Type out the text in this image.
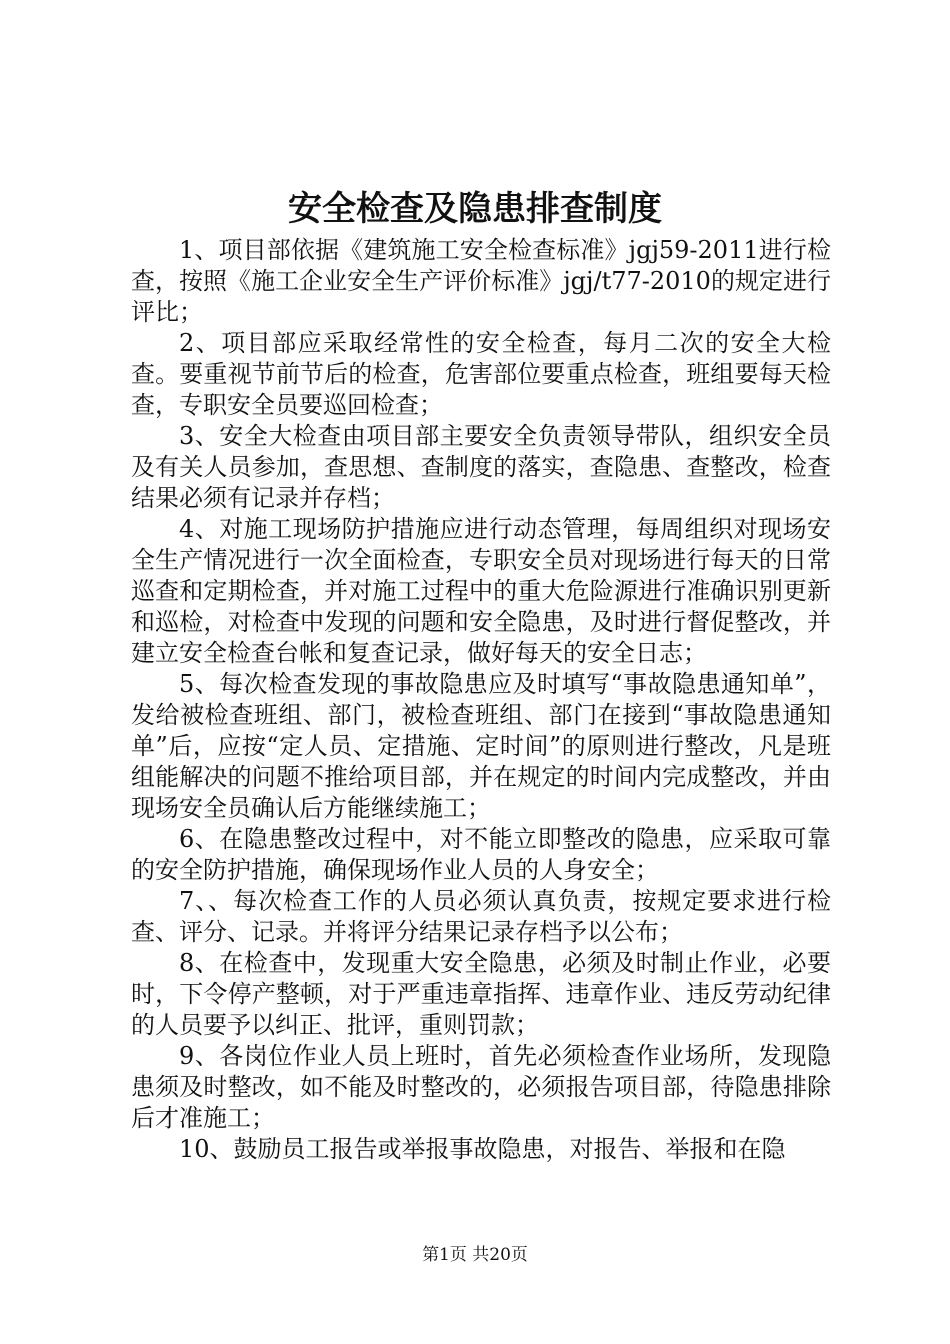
安全检查及隐患排查制度

1、项目部依据《建筑施工安全检查标准》jgj59-2011进行检查，按照《施工企业安全生产评价标准》jgj/t77-2010的规定进行评比；

2、项目部应采取经常性的安全检查，每月二次的安全大检查。要重视节前节后的检查，危害部位要重点检查，班组要每天检查，专职安全员要巡回检查；

3、安全大检查由项目部主要安全负责领导带队，组织安全员及有关人员参加，查思想、查制度的落实，查隐患、查整改，检查结果必须有记录并存档；

4、对施工现场防护措施应进行动态管理，每周组织对现场安全生产情况进行一次全面检查，专职安全员对现场进行每天的日常巡查和定期检查，并对施工过程中的重大危险源进行准确识别更新和巡检，对检查中发现的问题和安全隐患，及时进行督促整改，并建立安全检查台帐和复查记录，做好每天的安全日志；

5、每次检查发现的事故隐患应及时填写“事故隐患通知单”，发给被检查班组、部门，被检查班组、部门在接到“事故隐患通知单”后，应按“定人员、定措施、定时间”的原则进行整改，凡是班组能解决的问题不推给项目部，并在规定的时间内完成整改，并由现场安全员确认后方能继续施工；

6、在隐患整改过程中，对不能立即整改的隐患，应采取可靠的安全防护措施，确保现场作业人员的人身安全；

7、、每次检查工作的人员必须认真负责，按规定要求进行检查、评分、记录。并将评分结果记录存档予以公布；

8、在检查中，发现重大安全隐患，必须及时制止作业，必要时，下令停产整顿，对于严重违章指挥、违章作业、违反劳动纪律的人员要予以纠正、批评，重则罚款；

9、各岗位作业人员上班时，首先必须检查作业场所，发现隐患须及时整改，如不能及时整改的，必须报告项目部，待隐患排除后才准施工；

10、鼓励员工报告或举报事故隐患，对报告、举报和在隐

第1页 共20页
